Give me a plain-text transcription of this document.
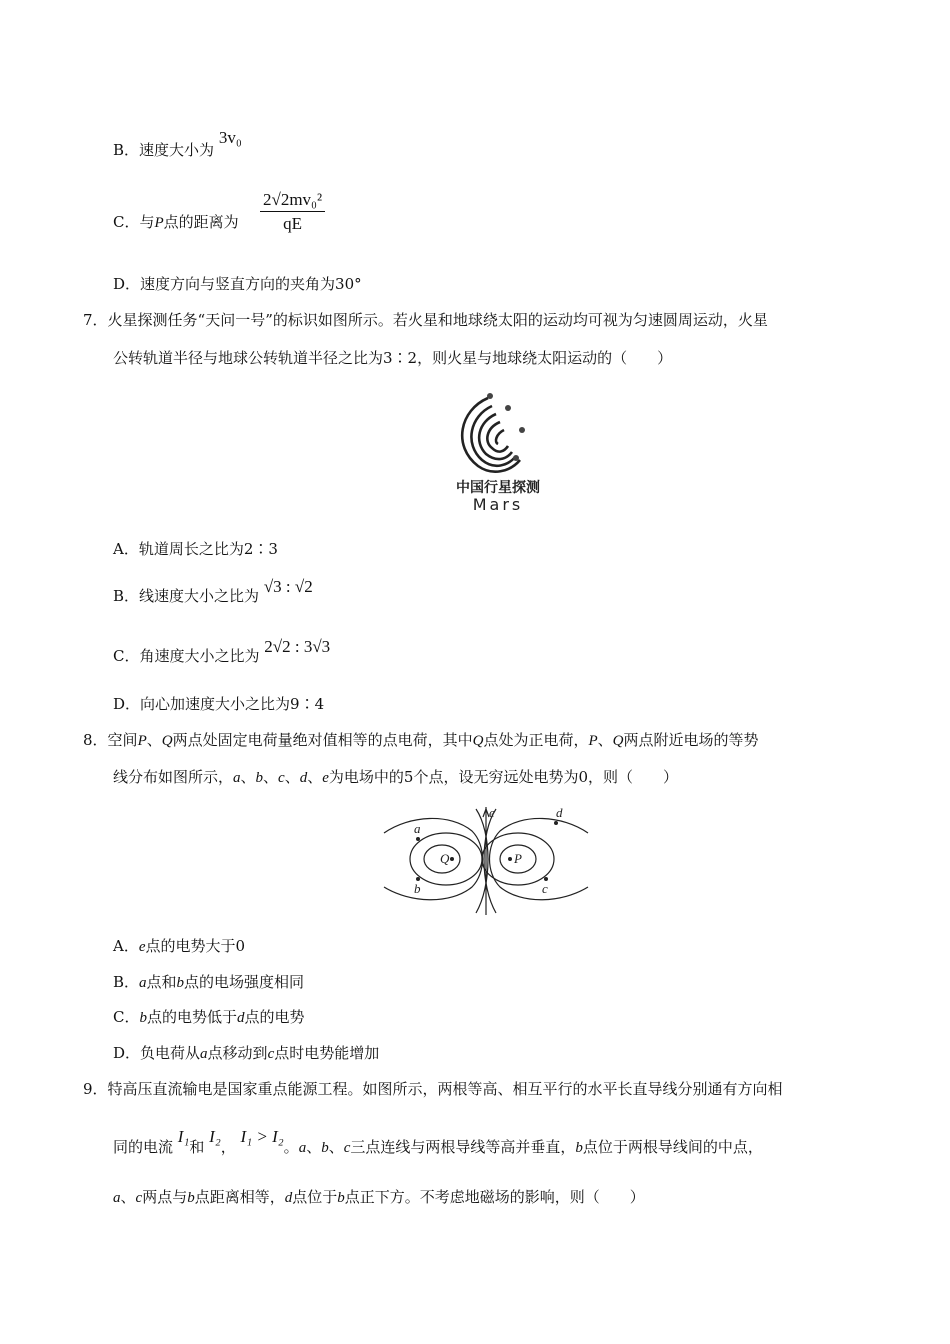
B．速度大小为 3v₀
C．与P点的距离为 $\frac{\text{2√2mv₀²}}{qE}$
D．速度方向与竖直方向的夹角为30°
7．火星探测任务“天问一号”的标识如图所示。若火星和地球绕太阳的运动均可视为匀速圆周运动，火星
公转轨道半径与地球公转轨道半径之比为3∶2，则火星与地球绕太阳运动的（　　）
中国行星探测
Mars
A．轨道周长之比为2∶3
B．线速度大小之比为 √3 : √2
C．角速度大小之比为 2√2 : 3√3
D．向心加速度大小之比为9∶4
8．空间P、Q两点处固定电荷量绝对值相等的点电荷，其中Q点处为正电荷，P、Q两点附近电场的等势
线分布如图所示，a、b、c、d、e为电场中的5个点，设无穷远处电势为0，则（　　）
a
b	c
d
e
Q	P
A．e点的电势大于0
B．a点和b点的电场强度相同
C．b点的电势低于d点的电势
D．负电荷从a点移动到c点时电势能增加
9．特高压直流输电是国家重点能源工程。如图所示，两根等高、相互平行的水平长直导线分别通有方向相
同的电流 I₁和 I₂， I₁ > I₂。a、b、c三点连线与两根导线等高并垂直，b点位于两根导线间的中点，
a、c两点与b点距离相等，d点位于b点正下方。不考虑地磁场的影响，则（　　）
